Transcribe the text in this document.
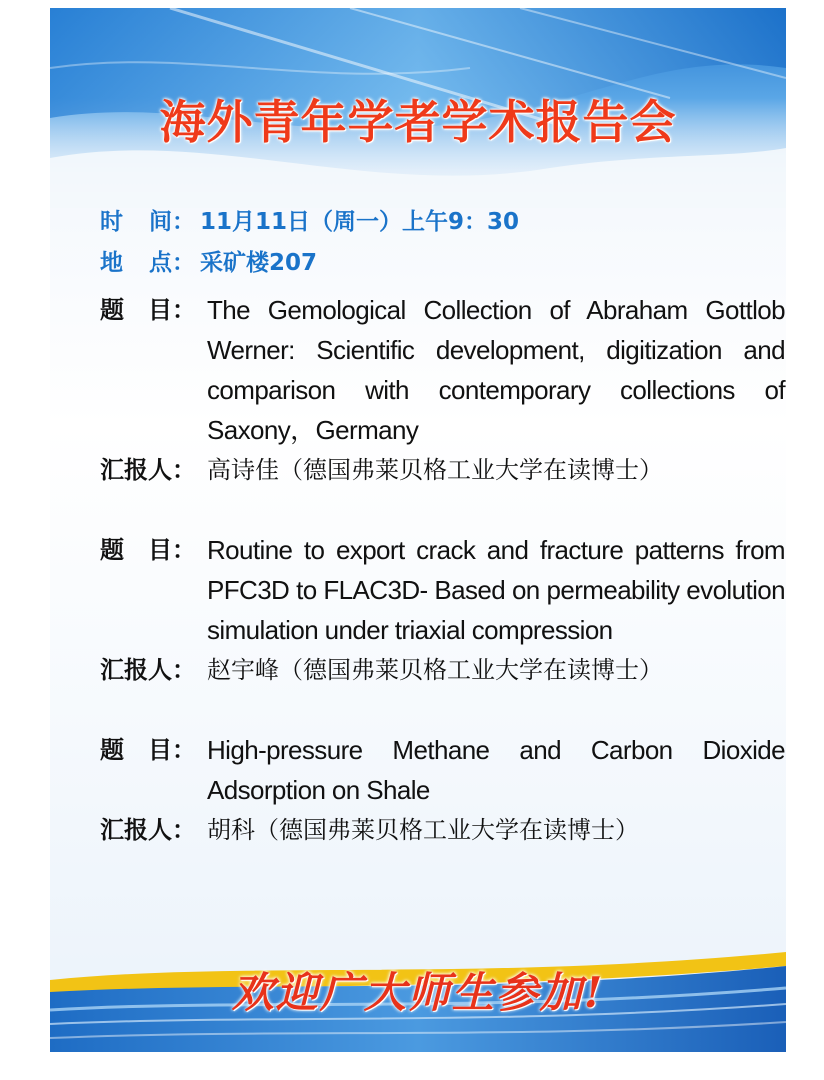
海外青年学者学术报告会
时 间： 11月11日（周一）上午9：30
地 点： 采矿楼207
题　目： The Gemological Collection of Abraham Gottlob Werner: Scientific development, digitization and comparison with contemporary collections of Saxony，Germany
汇报人： 高诗佳（德国弗莱贝格工业大学在读博士）
题　目： Routine to export crack and fracture patterns from PFC3D to FLAC3D- Based on permeability evolution simulation under triaxial compression
汇报人： 赵宇峰（德国弗莱贝格工业大学在读博士）
题　目： High-pressure Methane and Carbon Dioxide Adsorption on Shale
汇报人： 胡科（德国弗莱贝格工业大学在读博士）
欢迎广大师生参加!
